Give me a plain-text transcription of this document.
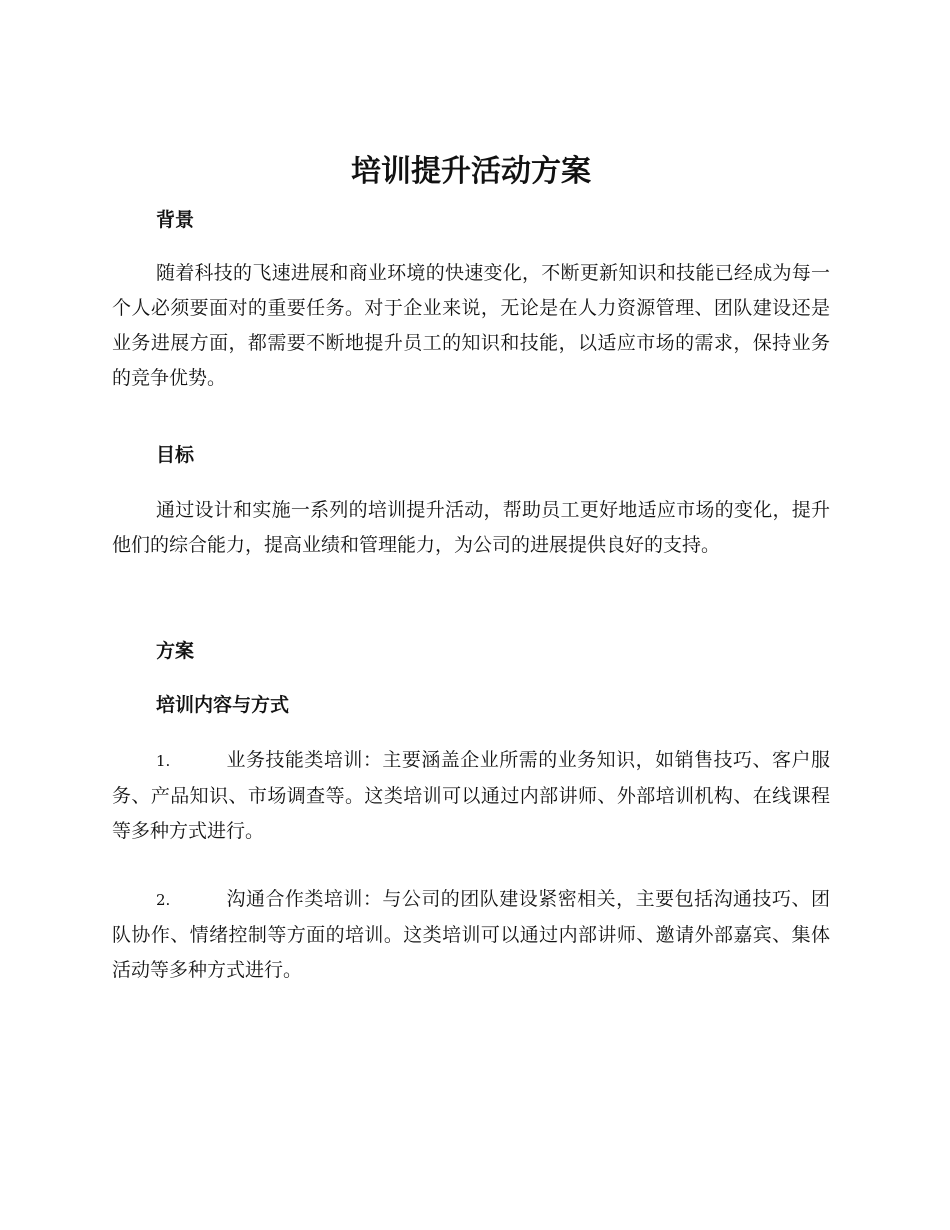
培训提升活动方案
背景

随着科技的飞速进展和商业环境的快速变化，不断更新知识和技能已经成为每一个人必须要面对的重要任务。对于企业来说，无论是在人力资源管理、团队建设还是业务进展方面，都需要不断地提升员工的知识和技能，以适应市场的需求，保持业务的竞争优势。

目标

通过设计和实施一系列的培训提升活动，帮助员工更好地适应市场的变化，提升他们的综合能力，提高业绩和管理能力，为公司的进展提供良好的支持。

方案
培训内容与方式

1.	业务技能类培训：主要涵盖企业所需的业务知识，如销售技巧、客户服务、产品知识、市场调查等。这类培训可以通过内部讲师、外部培训机构、在线课程等多种方式进行。

2.	沟通合作类培训：与公司的团队建设紧密相关，主要包括沟通技巧、团队协作、情绪控制等方面的培训。这类培训可以通过内部讲师、邀请外部嘉宾、集体活动等多种方式进行。
